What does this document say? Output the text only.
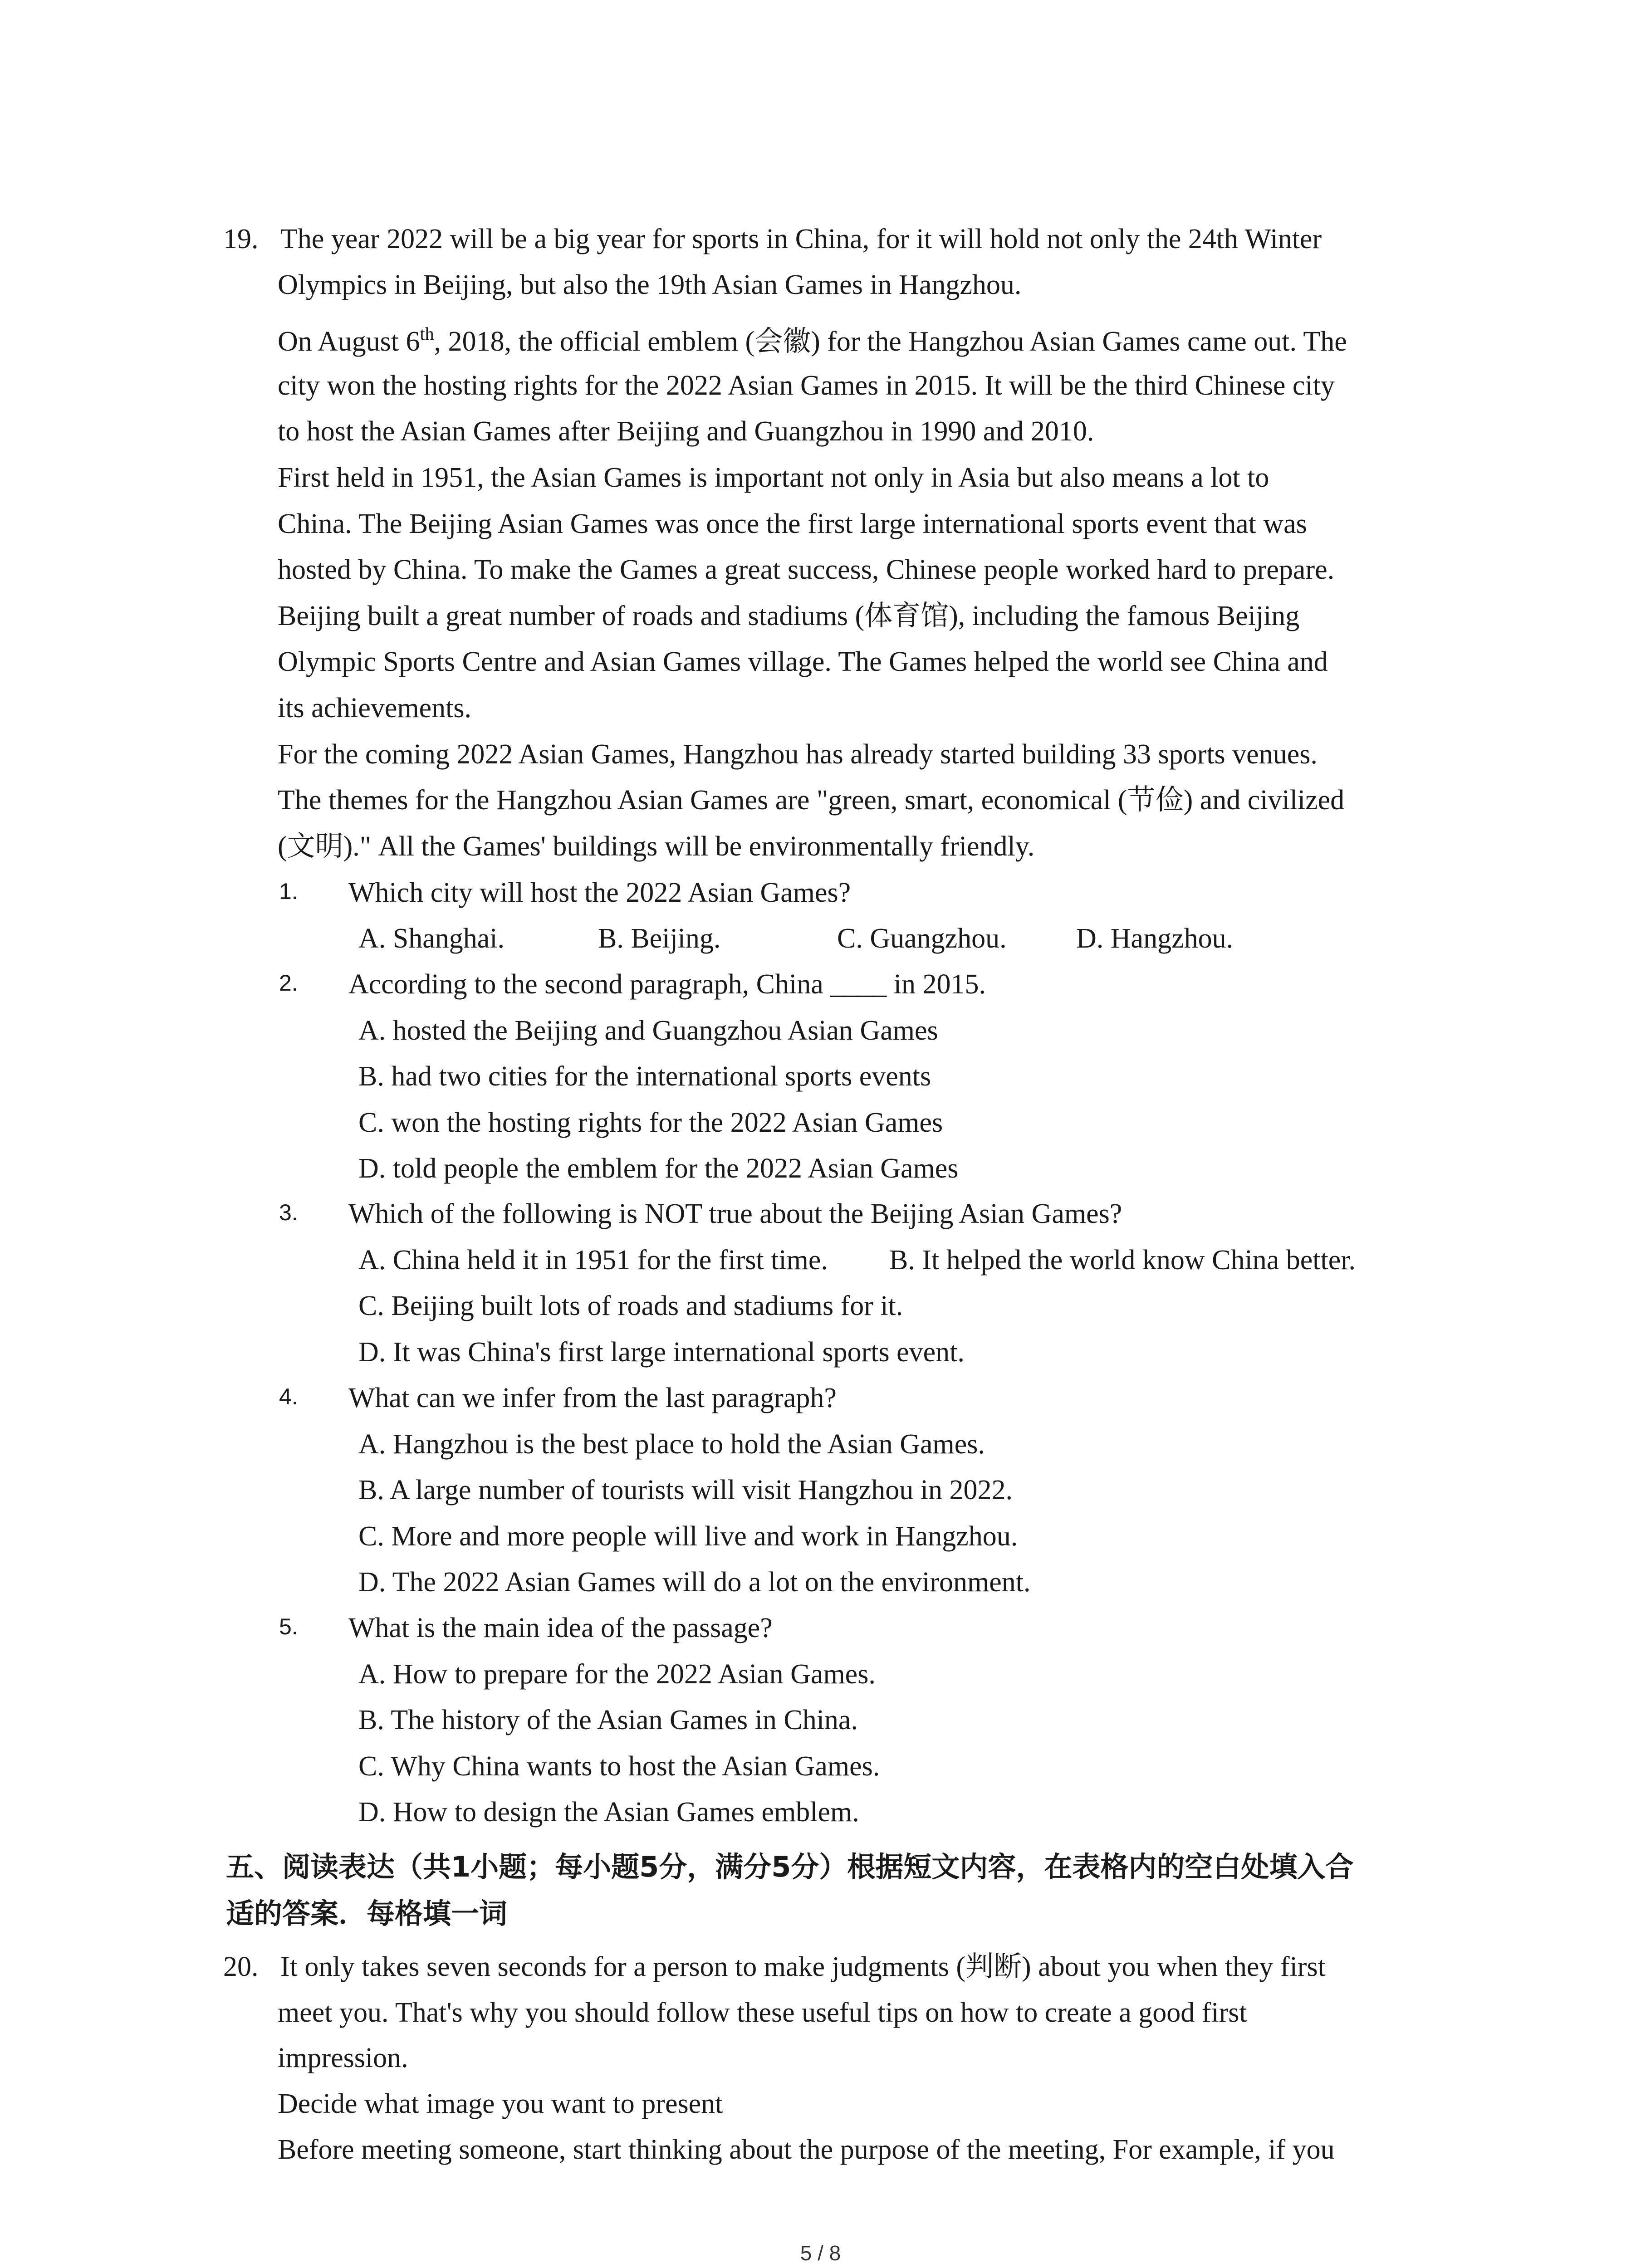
19. The year 2022 will be a big year for sports in China, for it will hold not only the 24th Winter
Olympics in Beijing, but also the 19th Asian Games in Hangzhou.
On August 6th, 2018, the official emblem (会徽) for the Hangzhou Asian Games came out. The
city won the hosting rights for the 2022 Asian Games in 2015. It will be the third Chinese city
to host the Asian Games after Beijing and Guangzhou in 1990 and 2010.
First held in 1951, the Asian Games is important not only in Asia but also means a lot to
China. The Beijing Asian Games was once the first large international sports event that was
hosted by China. To make the Games a great success, Chinese people worked hard to prepare.
Beijing built a great number of roads and stadiums (体育馆), including the famous Beijing
Olympic Sports Centre and Asian Games village. The Games helped the world see China and
its achievements.
For the coming 2022 Asian Games, Hangzhou has already started building 33 sports venues.
The themes for the Hangzhou Asian Games are "green, smart, economical (节俭) and civilized
(文明)." All the Games' buildings will be environmentally friendly.
1. Which city will host the 2022 Asian Games?
A. Shanghai.	B. Beijing.	C. Guangzhou. D. Hangzhou.
2. According to the second paragraph, China ____ in 2015.
A. hosted the Beijing and Guangzhou Asian Games
B. had two cities for the international sports events
C. won the hosting rights for the 2022 Asian Games
D. told people the emblem for the 2022 Asian Games
3. Which of the following is NOT true about the Beijing Asian Games?
A. China held it in 1951 for the first time. B. It helped the world know China better.
C. Beijing built lots of roads and stadiums for it.
D. It was China's first large international sports event.
4. What can we infer from the last paragraph?
A. Hangzhou is the best place to hold the Asian Games.
B. A large number of tourists will visit Hangzhou in 2022.
C. More and more people will live and work in Hangzhou.
D. The 2022 Asian Games will do a lot on the environment.
5. What is the main idea of the passage?
A. How to prepare for the 2022 Asian Games.
B. The history of the Asian Games in China.
C. Why China wants to host the Asian Games.
D. How to design the Asian Games emblem.
五、阅读表达（共1小题；每小题5分，满分5分）根据短文内容，在表格内的空白处填入合
适的答案．每格填一词
20. It only takes seven seconds for a person to make judgments (判断) about you when they first
meet you. That's why you should follow these useful tips on how to create a good first
impression.
Decide what image you want to present
Before meeting someone, start thinking about the purpose of the meeting, For example, if you
5 / 8
